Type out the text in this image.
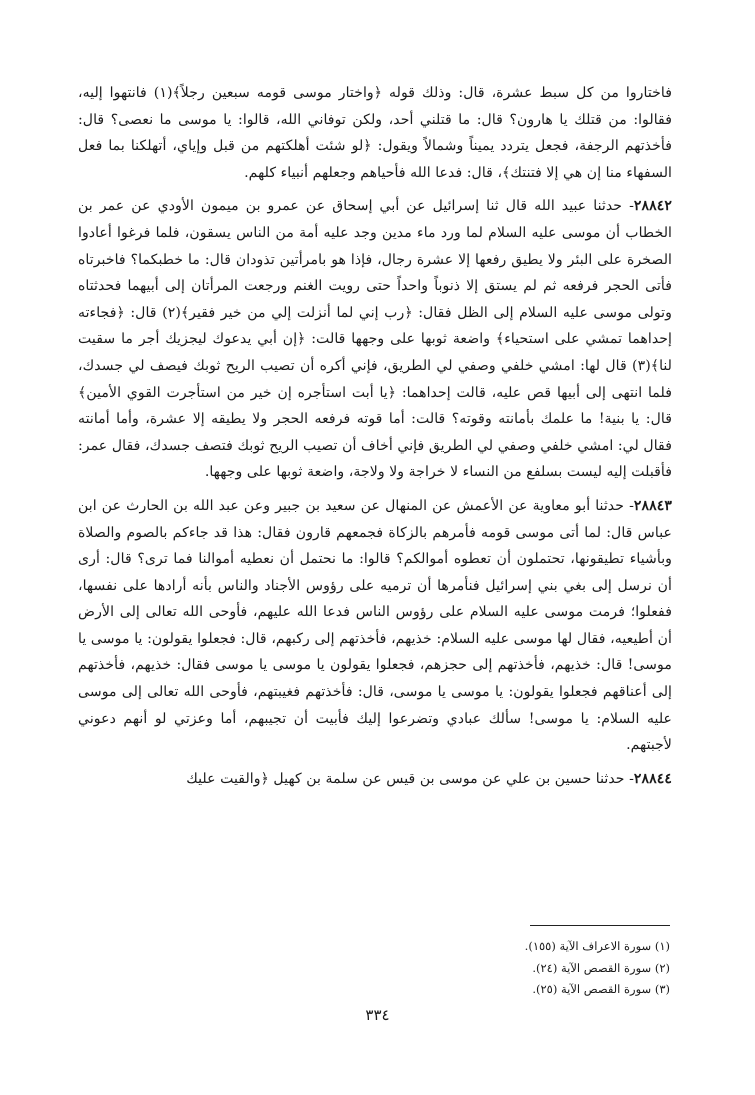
فاختاروا من كل سبط عشرة، قال: وذلك قوله ﴿واختار موسى قومه سبعين رجلاً﴾(١) فانتهوا إليه، فقالوا: من قتلك يا هارون؟ قال: ما قتلني أحد، ولكن توفاني الله، قالوا: يا موسى ما نعصى؟ قال: فأخذتهم الرجفة، فجعل يتردد يميناً وشمالاً ويقول: ﴿لو شئت أهلكتهم من قبل وإياي، أتهلكنا بما فعل السفهاء منا إن هي إلا فتنتك﴾، قال: فدعا الله فأحياهم وجعلهم أنبياء كلهم.

٢٨٨٤٢- حدثنا عبيد الله قال ثنا إسرائيل عن أبي إسحاق عن عمرو بن ميمون الأودي عن عمر بن الخطاب أن موسى عليه السلام لما ورد ماء مدين وجد عليه أمة من الناس يسقون، فلما فرغوا أعادوا الصخرة على البئر ولا يطيق رفعها إلا عشرة رجال، فإذا هو بامرأتين تذودان قال: ما خطبكما؟ فاخبرتاه فأتى الحجر فرفعه ثم لم يستق إلا ذنوباً واحداً حتى رويت الغنم ورجعت المرأتان إلى أبيهما فحدثتاه وتولى موسى عليه السلام إلى الظل فقال: ﴿رب إني لما أنزلت إلي من خير فقير﴾(٢) قال: ﴿فجاءته إحداهما تمشي على استحياء﴾ واضعة ثوبها على وجهها قالت: ﴿إن أبي يدعوك ليجزيك أجر ما سقيت لنا﴾(٣) قال لها: امشي خلفي وصفي لي الطريق، فإني أكره أن تصيب الريح ثوبك فيصف لي جسدك، فلما انتهى إلى أبيها قص عليه، قالت إحداهما: ﴿يا أبت استأجره إن خير من استأجرت القوي الأمين﴾ قال: يا بنية! ما علمك بأمانته وقوته؟ قالت: أما قوته فرفعه الحجر ولا يطيقه إلا عشرة، وأما أمانته فقال لي: امشي خلفي وصفي لي الطريق فإني أخاف أن تصيب الريح ثوبك فتصف جسدك، فقال عمر: فأقبلت إليه ليست بسلفع من النساء لا خراجة ولا ولاجة، واضعة ثوبها على وجهها.

٢٨٨٤٣- حدثنا أبو معاوية عن الأعمش عن المنهال عن سعيد بن جبير وعن عبد الله بن الحارث عن ابن عباس قال: لما أتى موسى قومه فأمرهم بالزكاة فجمعهم قارون فقال: هذا قد جاءكم بالصوم والصلاة وبأشياء تطيقونها، تحتملون أن تعطوه أموالكم؟ قالوا: ما نحتمل أن نعطيه أموالنا فما ترى؟ قال: أرى أن نرسل إلى بغي بني إسرائيل فنأمرها أن ترميه على رؤوس الأجناد والناس بأنه أرادها على نفسها، ففعلوا؛ فرمت موسى عليه السلام على رؤوس الناس فدعا الله عليهم، فأوحى الله تعالى إلى الأرض أن أطيعيه، فقال لها موسى عليه السلام: خذيهم، فأخذتهم إلى ركبهم، قال: فجعلوا يقولون: يا موسى يا موسى! قال: خذيهم، فأخذتهم إلى حجزهم، فجعلوا يقولون يا موسى يا موسى فقال: خذيهم، فأخذتهم إلى أعناقهم فجعلوا يقولون: يا موسى يا موسى، قال: فأخذتهم فغيبتهم، فأوحى الله تعالى إلى موسى عليه السلام: يا موسى! سألك عبادي وتضرعوا إليك فأبيت أن تجيبهم، أما وعزتي لو أنهم دعوني لأجبتهم.

٢٨٨٤٤- حدثنا حسين بن علي عن موسى بن قيس عن سلمة بن كهيل ﴿والقيت عليك

(١) سورة الاعراف الآية (١٥٥).
(٢) سورة القصص الآية (٢٤).
(٣) سورة القصص الآية (٢٥).
٣٣٤
